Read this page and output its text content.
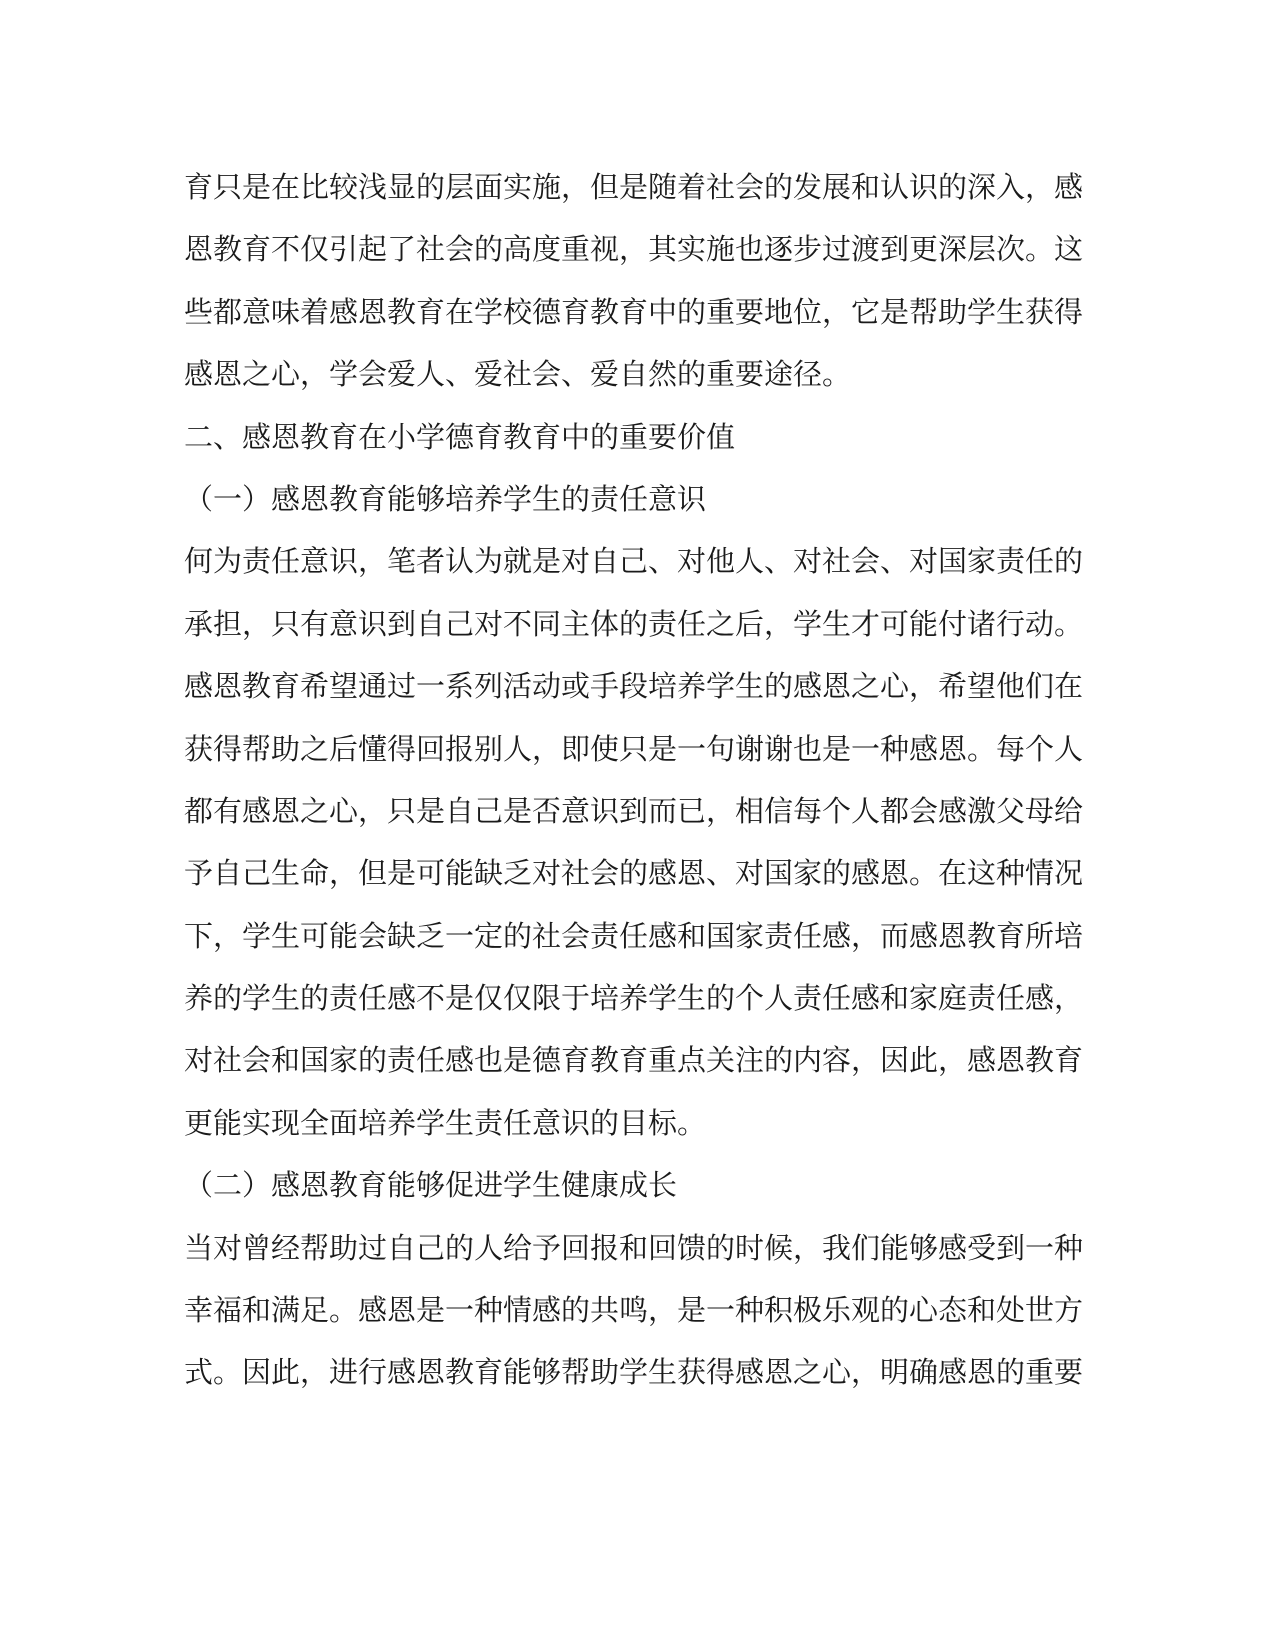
育只是在比较浅显的层面实施，但是随着社会的发展和认识的深入，感
恩教育不仅引起了社会的高度重视，其实施也逐步过渡到更深层次。这
些都意味着感恩教育在学校德育教育中的重要地位，它是帮助学生获得
感恩之心，学会爱人、爱社会、爱自然的重要途径。
二、感恩教育在小学德育教育中的重要价值
（一）感恩教育能够培养学生的责任意识
何为责任意识，笔者认为就是对自己、对他人、对社会、对国家责任的
承担，只有意识到自己对不同主体的责任之后，学生才可能付诸行动。
感恩教育希望通过一系列活动或手段培养学生的感恩之心，希望他们在
获得帮助之后懂得回报别人，即使只是一句谢谢也是一种感恩。每个人
都有感恩之心，只是自己是否意识到而已，相信每个人都会感激父母给
予自己生命，但是可能缺乏对社会的感恩、对国家的感恩。在这种情况
下，学生可能会缺乏一定的社会责任感和国家责任感，而感恩教育所培
养的学生的责任感不是仅仅限于培养学生的个人责任感和家庭责任感，
对社会和国家的责任感也是德育教育重点关注的内容，因此，感恩教育
更能实现全面培养学生责任意识的目标。
（二）感恩教育能够促进学生健康成长
当对曾经帮助过自己的人给予回报和回馈的时候，我们能够感受到一种
幸福和满足。感恩是一种情感的共鸣，是一种积极乐观的心态和处世方
式。因此，进行感恩教育能够帮助学生获得感恩之心，明确感恩的重要
